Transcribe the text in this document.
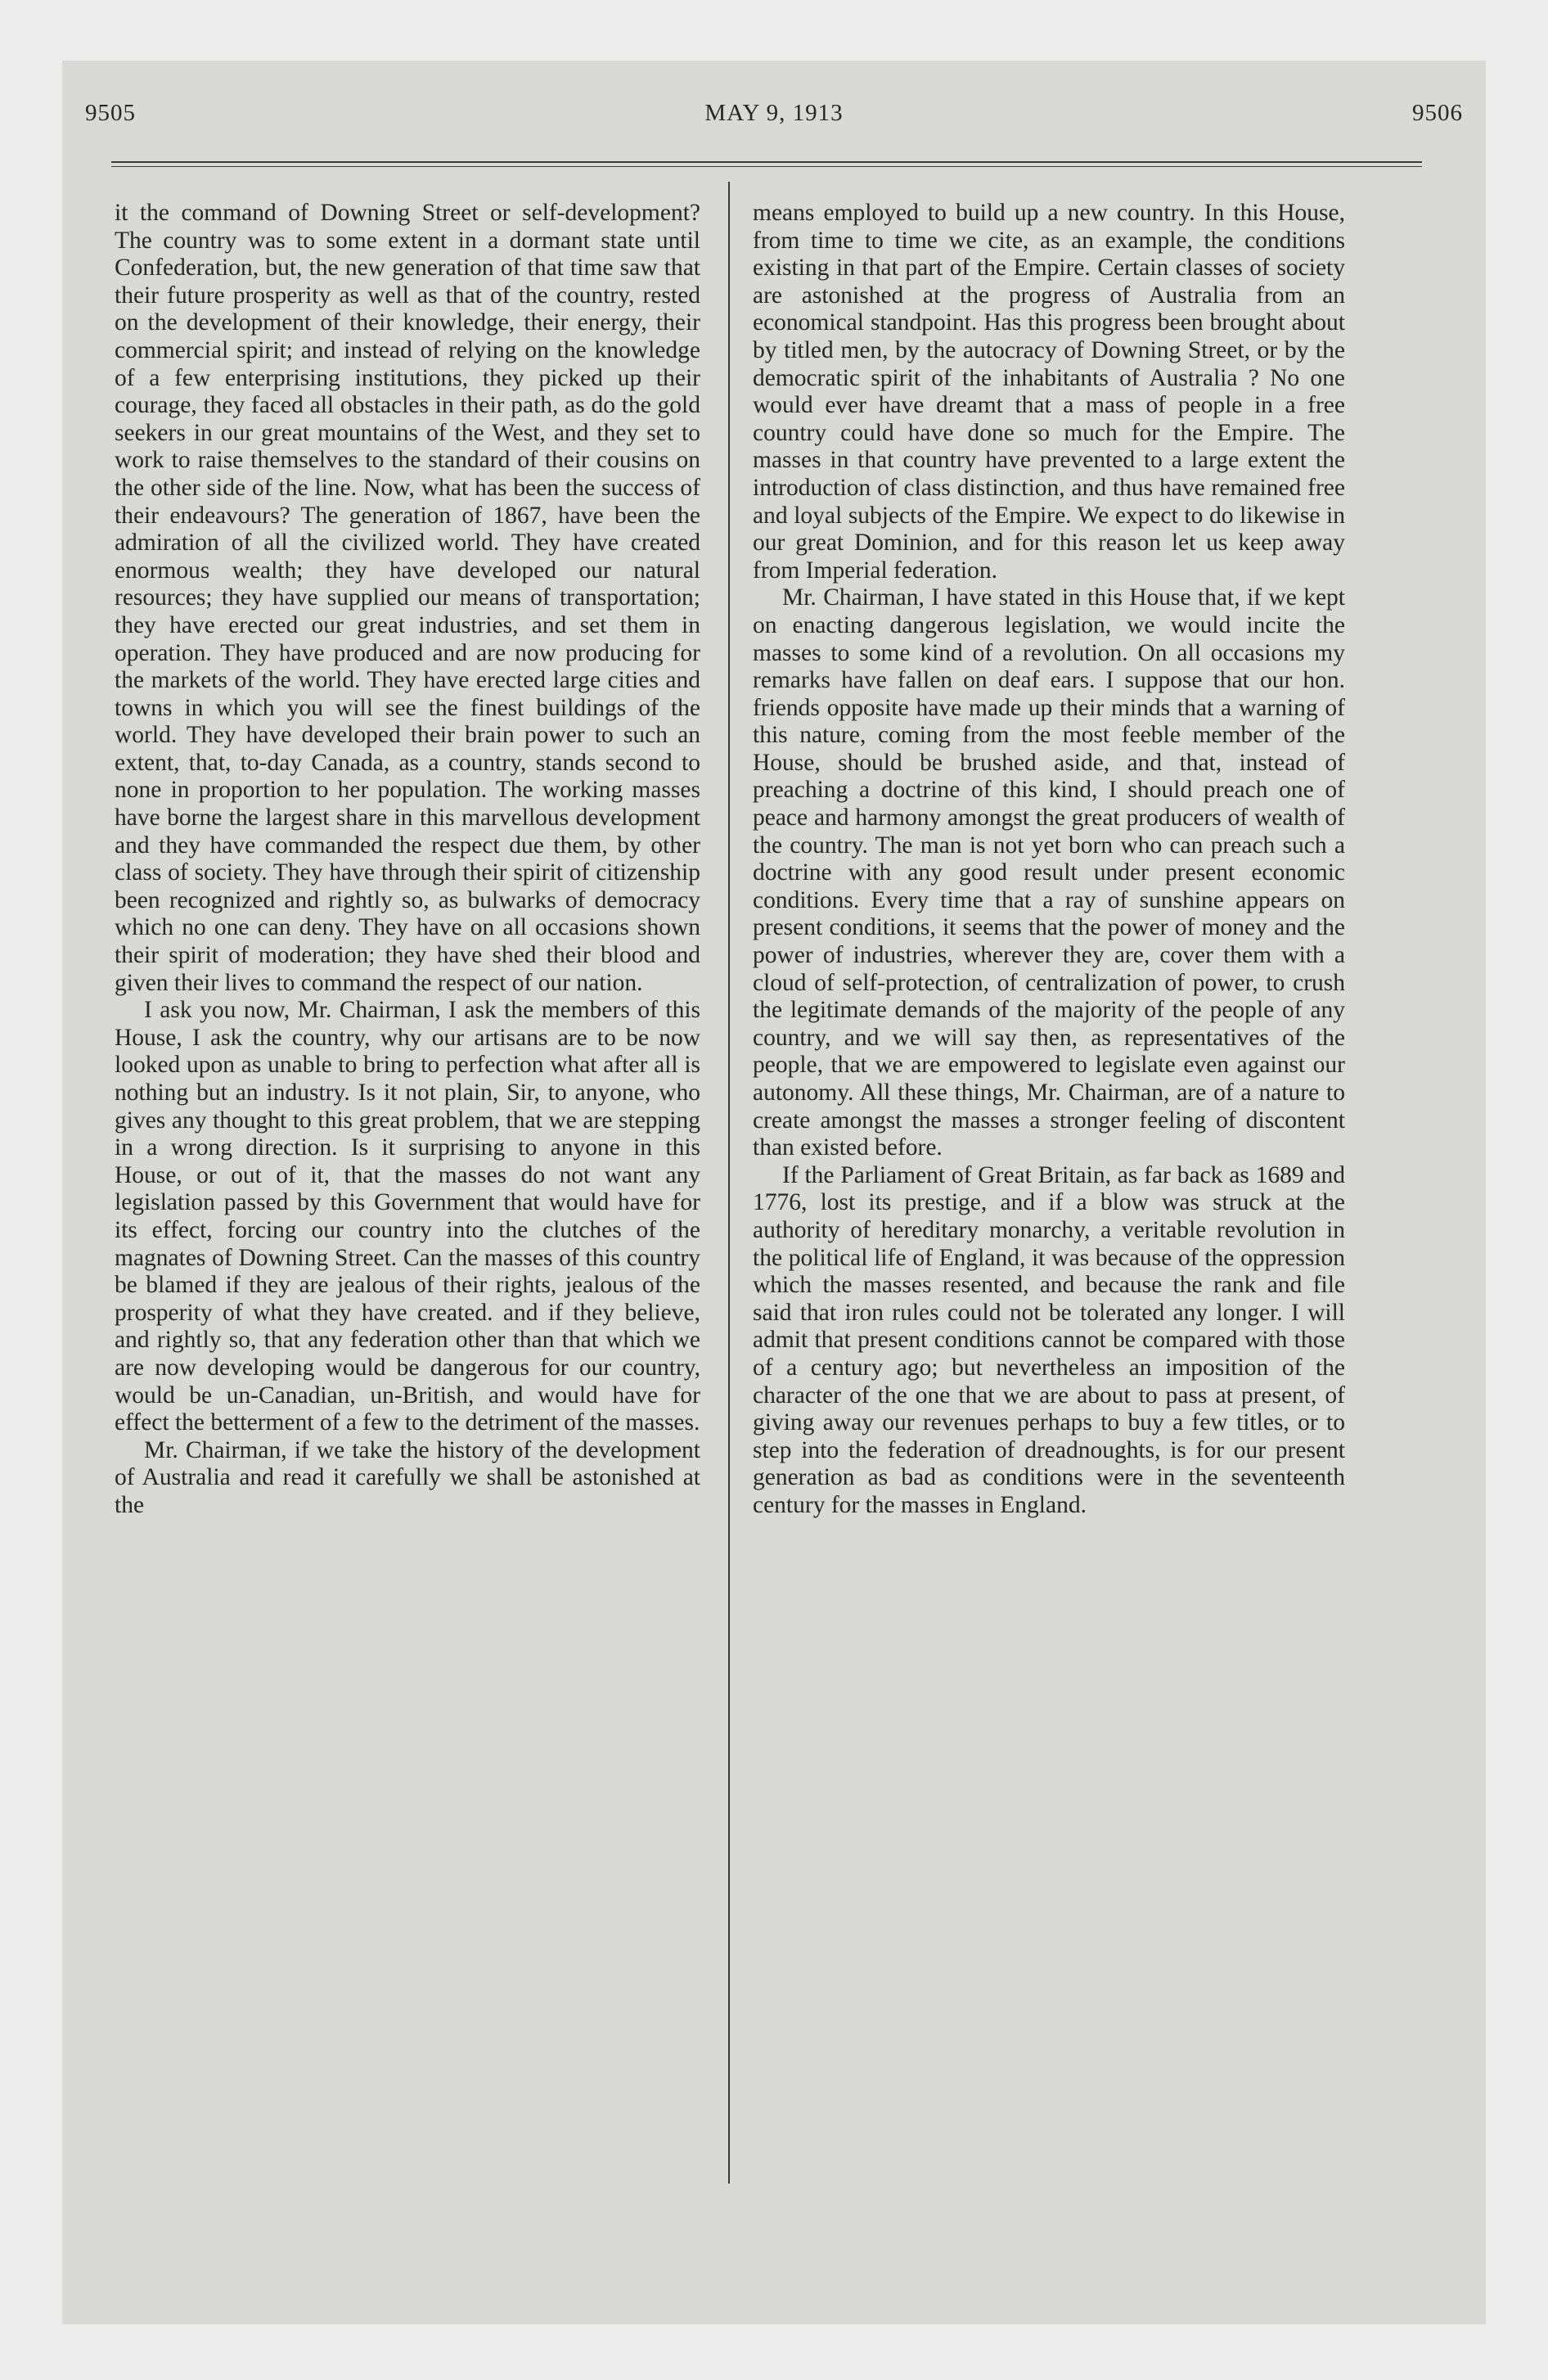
9505	MAY 9, 1913	9506

it the command of Downing Street or self-development? The country was to some extent in a dormant state until Confederation, but, the new generation of that time saw that their future prosperity as well as that of the country, rested on the development of their knowledge, their energy, their commercial spirit; and instead of relying on the knowledge of a few enterprising institutions, they picked up their courage, they faced all obstacles in their path, as do the gold seekers in our great mountains of the West, and they set to work to raise themselves to the standard of their cousins on the other side of the line. Now, what has been the success of their endeavours? The generation of 1867, have been the admiration of all the civilized world. They have created enormous wealth; they have developed our natural resources; they have supplied our means of transportation; they have erected our great industries, and set them in operation. They have produced and are now producing for the markets of the world. They have erected large cities and towns in which you will see the finest buildings of the world. They have developed their brain power to such an extent, that, to-day Canada, as a country, stands second to none in proportion to her population. The working masses have borne the largest share in this marvellous development and they have commanded the respect due them, by other class of society. They have through their spirit of citizenship been recognized and rightly so, as bulwarks of democracy which no one can deny. They have on all occasions shown their spirit of moderation; they have shed their blood and given their lives to command the respect of our nation.

I ask you now, Mr. Chairman, I ask the members of this House, I ask the country, why our artisans are to be now looked upon as unable to bring to perfection what after all is nothing but an industry. Is it not plain, Sir, to anyone, who gives any thought to this great problem, that we are stepping in a wrong direction. Is it surprising to anyone in this House, or out of it, that the masses do not want any legislation passed by this Government that would have for its effect, forcing our country into the clutches of the magnates of Downing Street. Can the masses of this country be blamed if they are jealous of their rights, jealous of the prosperity of what they have created. and if they believe, and rightly so, that any federation other than that which we are now developing would be dangerous for our country, would be un-Canadian, un-British, and would have for effect the betterment of a few to the detriment of the masses.

Mr. Chairman, if we take the history of the development of Australia and read it carefully we shall be astonished at the

means employed to build up a new country. In this House, from time to time we cite, as an example, the conditions existing in that part of the Empire. Certain classes of society are astonished at the progress of Australia from an economical standpoint. Has this progress been brought about by titled men, by the autocracy of Downing Street, or by the democratic spirit of the inhabitants of Australia ? No one would ever have dreamt that a mass of people in a free country could have done so much for the Empire. The masses in that country have prevented to a large extent the introduction of class distinction, and thus have remained free and loyal subjects of the Empire. We expect to do likewise in our great Dominion, and for this reason let us keep away from Imperial federation.

Mr. Chairman, I have stated in this House that, if we kept on enacting dangerous legislation, we would incite the masses to some kind of a revolution. On all occasions my remarks have fallen on deaf ears. I suppose that our hon. friends opposite have made up their minds that a warning of this nature, coming from the most feeble member of the House, should be brushed aside, and that, instead of preaching a doctrine of this kind, I should preach one of peace and harmony amongst the great producers of wealth of the country. The man is not yet born who can preach such a doctrine with any good result under present economic conditions. Every time that a ray of sunshine appears on present conditions, it seems that the power of money and the power of industries, wherever they are, cover them with a cloud of self-protection, of centralization of power, to crush the legitimate demands of the majority of the people of any country, and we will say then, as representatives of the people, that we are empowered to legislate even against our autonomy. All these things, Mr. Chairman, are of a nature to create amongst the masses a stronger feeling of discontent than existed before.

If the Parliament of Great Britain, as far back as 1689 and 1776, lost its prestige, and if a blow was struck at the authority of hereditary monarchy, a veritable revolution in the political life of England, it was because of the oppression which the masses resented, and because the rank and file said that iron rules could not be tolerated any longer. I will admit that present conditions cannot be compared with those of a century ago; but nevertheless an imposition of the character of the one that we are about to pass at present, of giving away our revenues perhaps to buy a few titles, or to step into the federation of dreadnoughts, is for our present generation as bad as conditions were in the seventeenth century for the masses in England.
